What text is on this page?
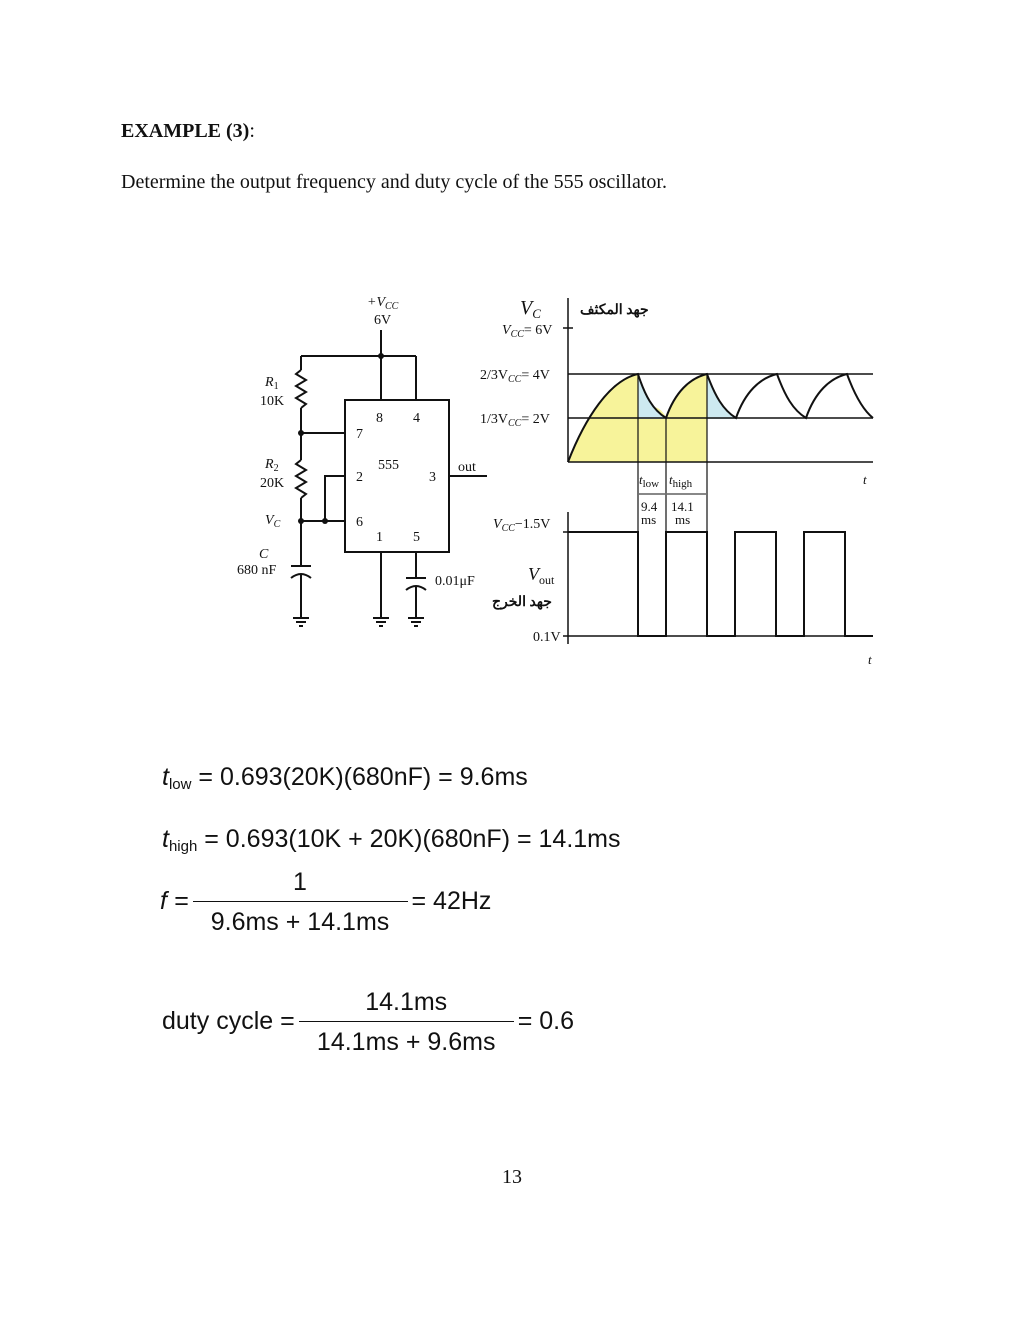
EXAMPLE (3):
Determine the output frequency and duty cycle of the 555 oscillator.
$+V_{CC}$
6V
$R_1$
10K
$R_2$
20K
$V_C$
C
680 nF
0.01μF
555
8 4
7
2	3
6
1 5
out
$V_C$	جهد المكثف
$V_{CC}= 6V$
$2/3V_{CC}= 4V$
$1/3V_{CC}= 2V$
$t_{low}$ $t_{high}$
9.4
ms
14.1
ms
t
$V_{CC}-1.5V$
$V_{out}$
جهد الخرج
0.1V
t
$t_{low} = 0.693(20K)(680nF) = 9.6ms$
$t_{high} = 0.693(10K + 20K)(680nF) = 14.1ms$
$f = \frac{1}{9.6ms + 14.1ms} = 42Hz$
duty cycle = $\frac{14.1ms}{14.1ms + 9.6ms} = 0.6$
13
